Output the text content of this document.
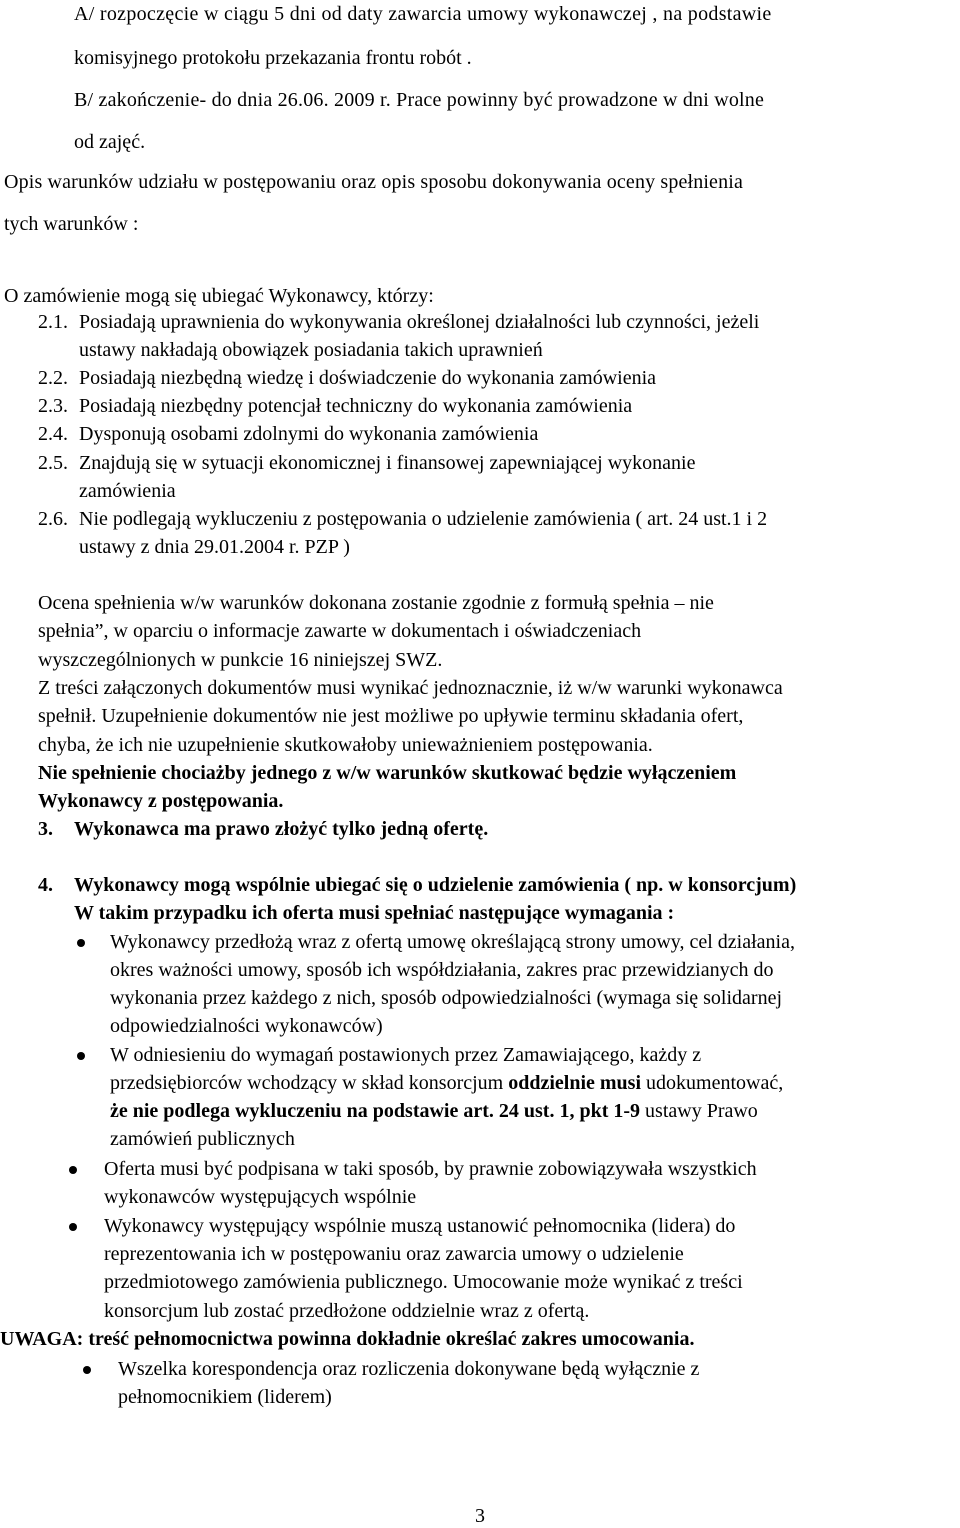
A/ rozpoczęcie w ciągu 5 dni od daty zawarcia umowy wykonawczej , na podstawie
komisyjnego protokołu przekazania frontu robót .
B/ zakończenie- do dnia 26.06. 2009 r. Prace powinny być prowadzone w dni wolne
od zajęć.
Opis warunków udziału w postępowaniu oraz opis sposobu dokonywania oceny spełnienia
tych warunków :
O zamówienie mogą się ubiegać Wykonawcy, którzy:
2.1. Posiadają uprawnienia do wykonywania określonej działalności lub czynności, jeżeli
ustawy nakładają obowiązek posiadania takich uprawnień
2.2. Posiadają niezbędną wiedzę i doświadczenie do wykonania zamówienia
2.3. Posiadają niezbędny potencjał techniczny do wykonania zamówienia
2.4. Dysponują osobami zdolnymi do wykonania zamówienia
2.5. Znajdują się w sytuacji ekonomicznej i finansowej zapewniającej wykonanie
zamówienia
2.6. Nie podlegają wykluczeniu z postępowania o udzielenie zamówienia ( art. 24 ust.1 i 2
ustawy z dnia 29.01.2004 r. PZP )
Ocena spełnienia w/w warunków dokonana zostanie zgodnie z formułą spełnia – nie
spełnia”, w oparciu o informacje zawarte w dokumentach i oświadczeniach
wyszczególnionych w punkcie 16 niniejszej SWZ.
Z treści załączonych dokumentów musi wynikać jednoznacznie, iż w/w warunki wykonawca
spełnił. Uzupełnienie dokumentów nie jest możliwe po upływie terminu składania ofert,
chyba, że ich nie uzupełnienie skutkowałoby unieważnieniem postępowania.
Nie spełnienie chociażby jednego z w/w warunków skutkować będzie wyłączeniem
Wykonawcy z postępowania.
3. Wykonawca ma prawo złożyć tylko jedną ofertę.
4. Wykonawcy mogą wspólnie ubiegać się o udzielenie zamówienia ( np. w konsorcjum)
W takim przypadku ich oferta musi spełniać następujące wymagania :
Wykonawcy przedłożą wraz z ofertą umowę określającą strony umowy, cel działania,
okres ważności umowy, sposób ich współdziałania, zakres prac przewidzianych do
wykonania przez każdego z nich, sposób odpowiedzialności (wymaga się solidarnej
odpowiedzialności wykonawców)
W odniesieniu do wymagań postawionych przez Zamawiającego, każdy z
przedsiębiorców wchodzący w skład konsorcjum oddzielnie musi udokumentować,
że nie podlega wykluczeniu na podstawie art. 24 ust. 1, pkt 1-9 ustawy Prawo
zamówień publicznych
Oferta musi być podpisana w taki sposób, by prawnie zobowiązywała wszystkich
wykonawców występujących wspólnie
Wykonawcy występujący wspólnie muszą ustanowić pełnomocnika (lidera) do
reprezentowania ich w postępowaniu oraz zawarcia umowy o udzielenie
przedmiotowego zamówienia publicznego. Umocowanie może wynikać z treści
konsorcjum lub zostać przedłożone oddzielnie wraz z ofertą.
UWAGA: treść pełnomocnictwa powinna dokładnie określać zakres umocowania.
Wszelka korespondencja oraz rozliczenia dokonywane będą wyłącznie z
pełnomocnikiem (liderem)
3
